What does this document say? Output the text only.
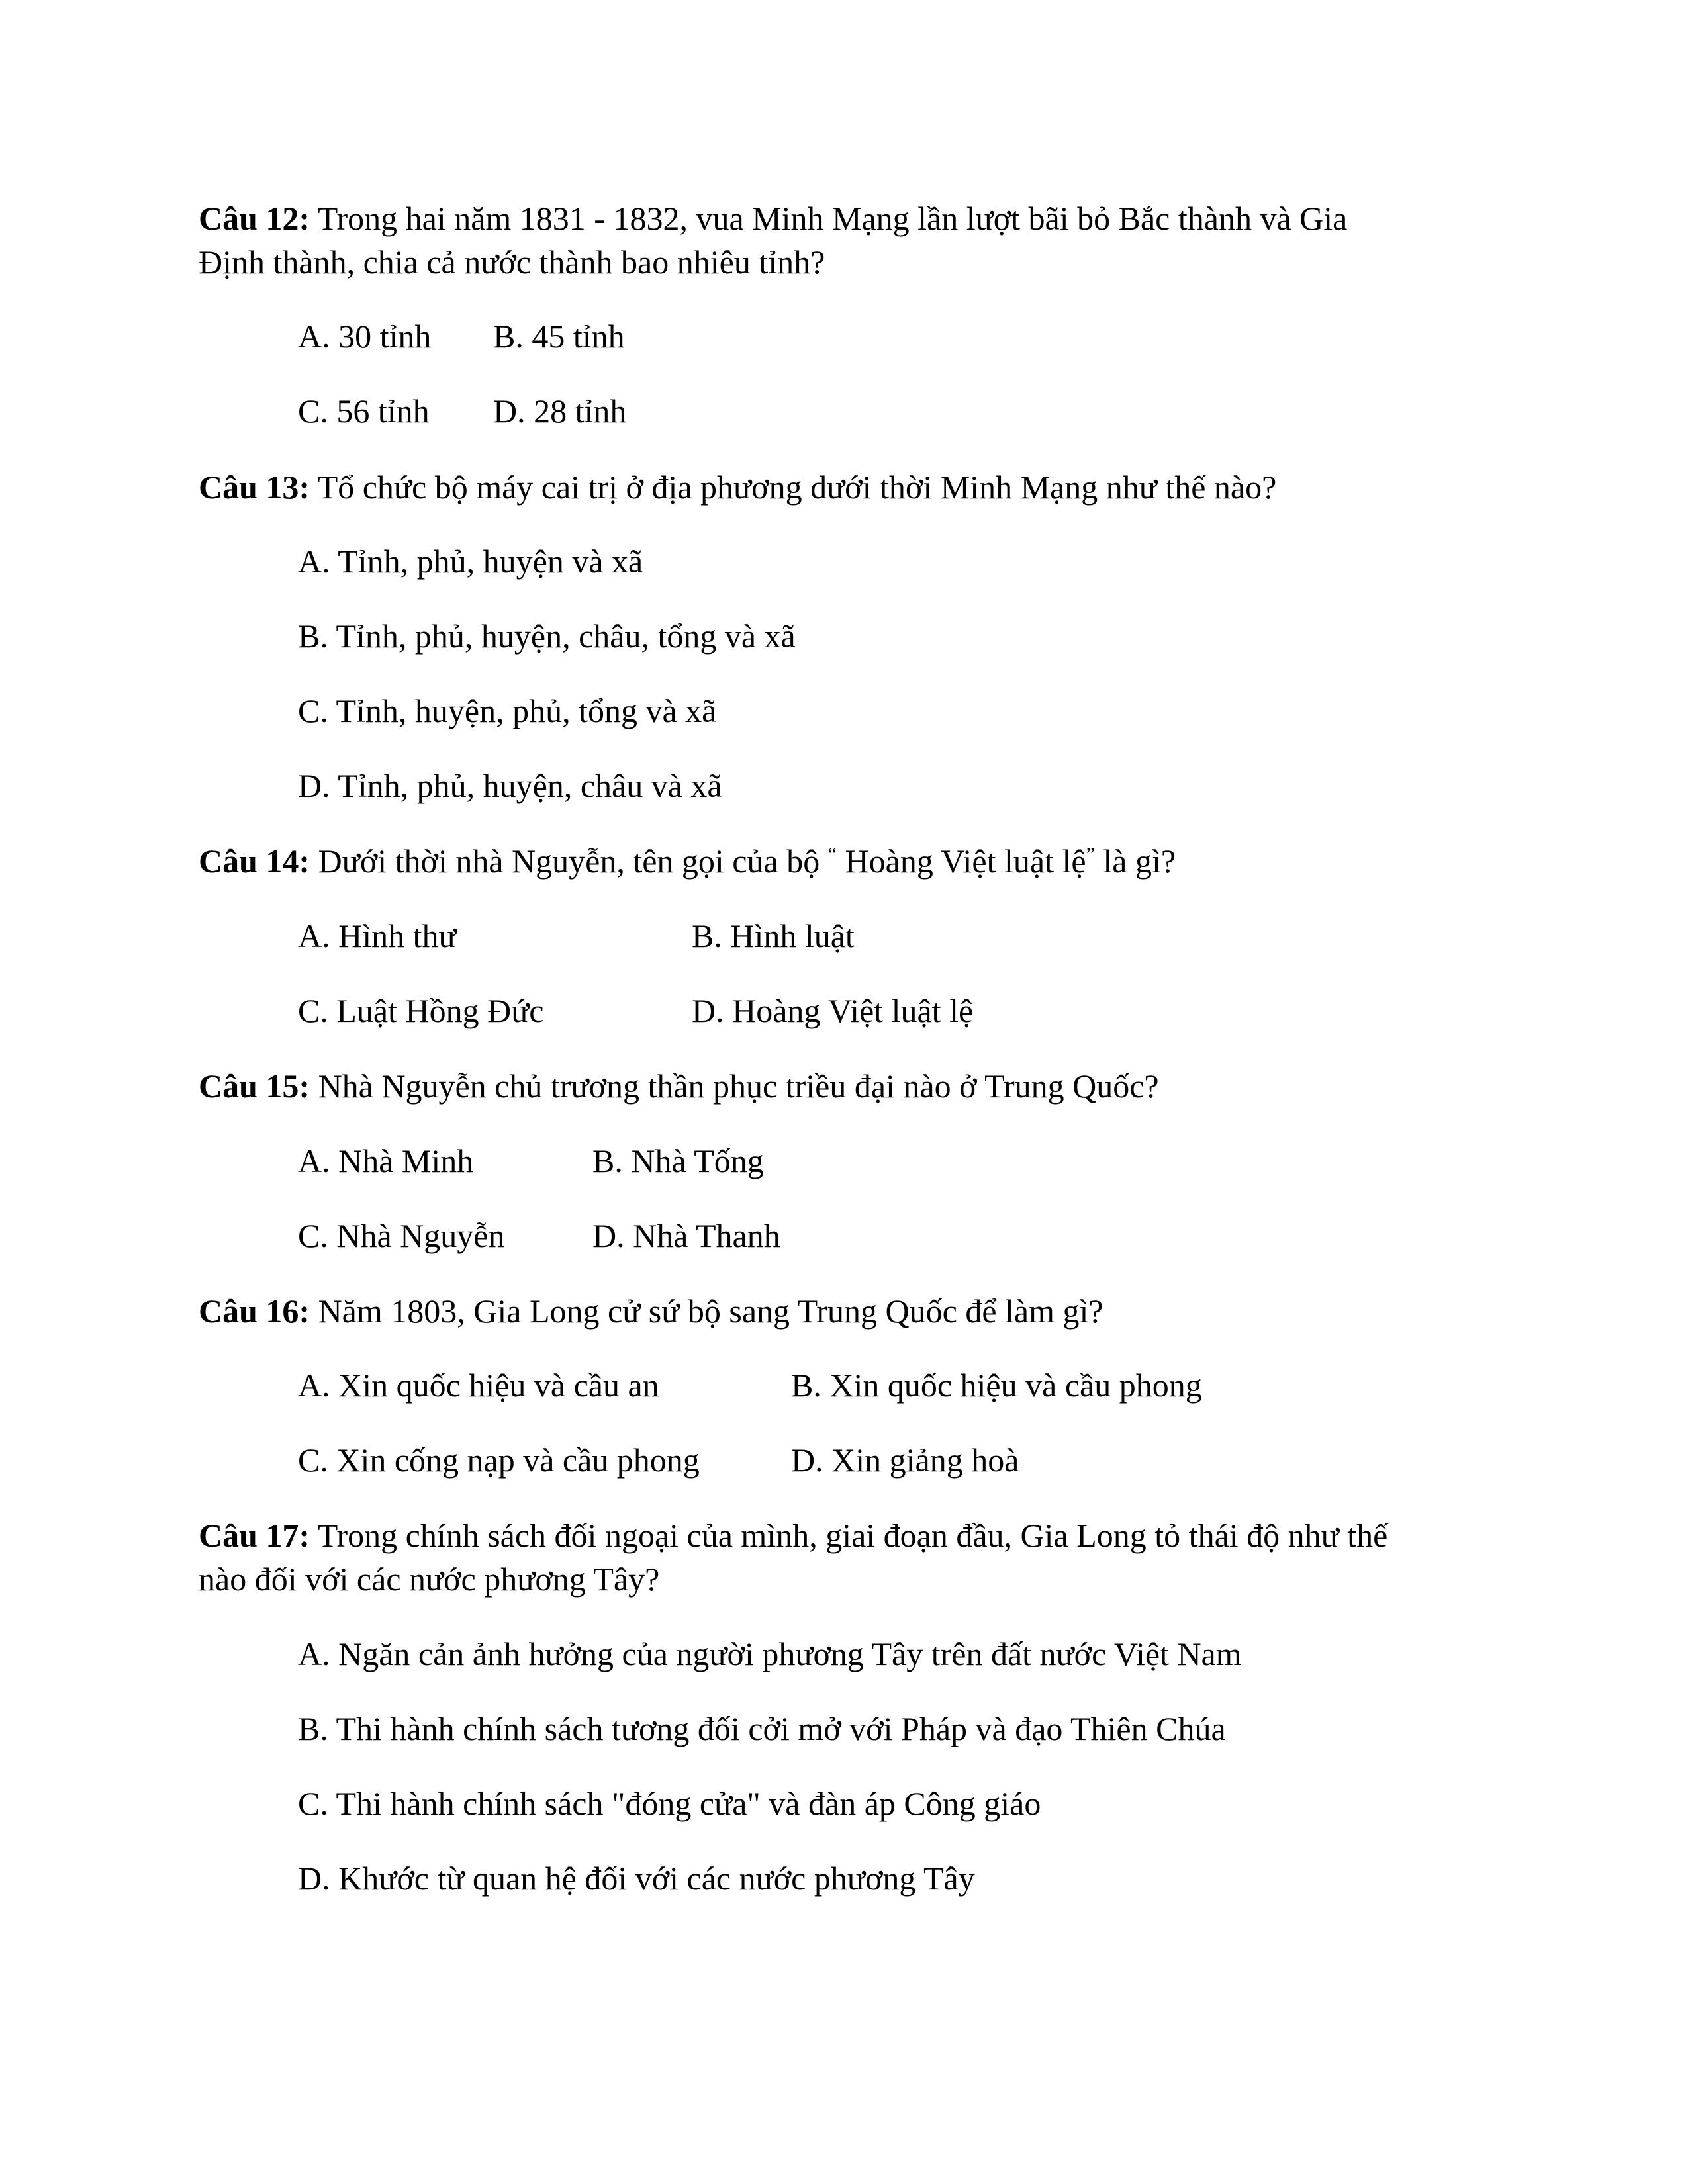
Câu 12: Trong hai năm 1831 - 1832, vua Minh Mạng lần lượt bãi bỏ Bắc thành và Gia
Định thành, chia cả nước thành bao nhiêu tỉnh?
A. 30 tỉnh B. 45 tỉnh
C. 56 tỉnh D. 28 tỉnh
Câu 13: Tổ chức bộ máy cai trị ở địa phương dưới thời Minh Mạng như thế nào?
A. Tỉnh, phủ, huyện và xã
B. Tỉnh, phủ, huyện, châu, tổng và xã
C. Tỉnh, huyện, phủ, tổng và xã
D. Tỉnh, phủ, huyện, châu và xã
Câu 14: Dưới thời nhà Nguyễn, tên gọi của bộ “ Hoàng Việt luật lệ” là gì?
A. Hình thư	B. Hình luật
C. Luật Hồng Đức	D. Hoàng Việt luật lệ
Câu 15: Nhà Nguyễn chủ trương thần phục triều đại nào ở Trung Quốc?
A. Nhà Minh	B. Nhà Tống
C. Nhà Nguyễn	D. Nhà Thanh
Câu 16: Năm 1803, Gia Long cử sứ bộ sang Trung Quốc để làm gì?
A. Xin quốc hiệu và cầu an	B. Xin quốc hiệu và cầu phong
C. Xin cống nạp và cầu phong	D. Xin giảng hoà
Câu 17: Trong chính sách đối ngoại của mình, giai đoạn đầu, Gia Long tỏ thái độ như thế
nào đối với các nước phương Tây?
A. Ngăn cản ảnh hưởng của người phương Tây trên đất nước Việt Nam
B. Thi hành chính sách tương đối cởi mở với Pháp và đạo Thiên Chúa
C. Thi hành chính sách "đóng cửa" và đàn áp Công giáo
D. Khước từ quan hệ đối với các nước phương Tây
